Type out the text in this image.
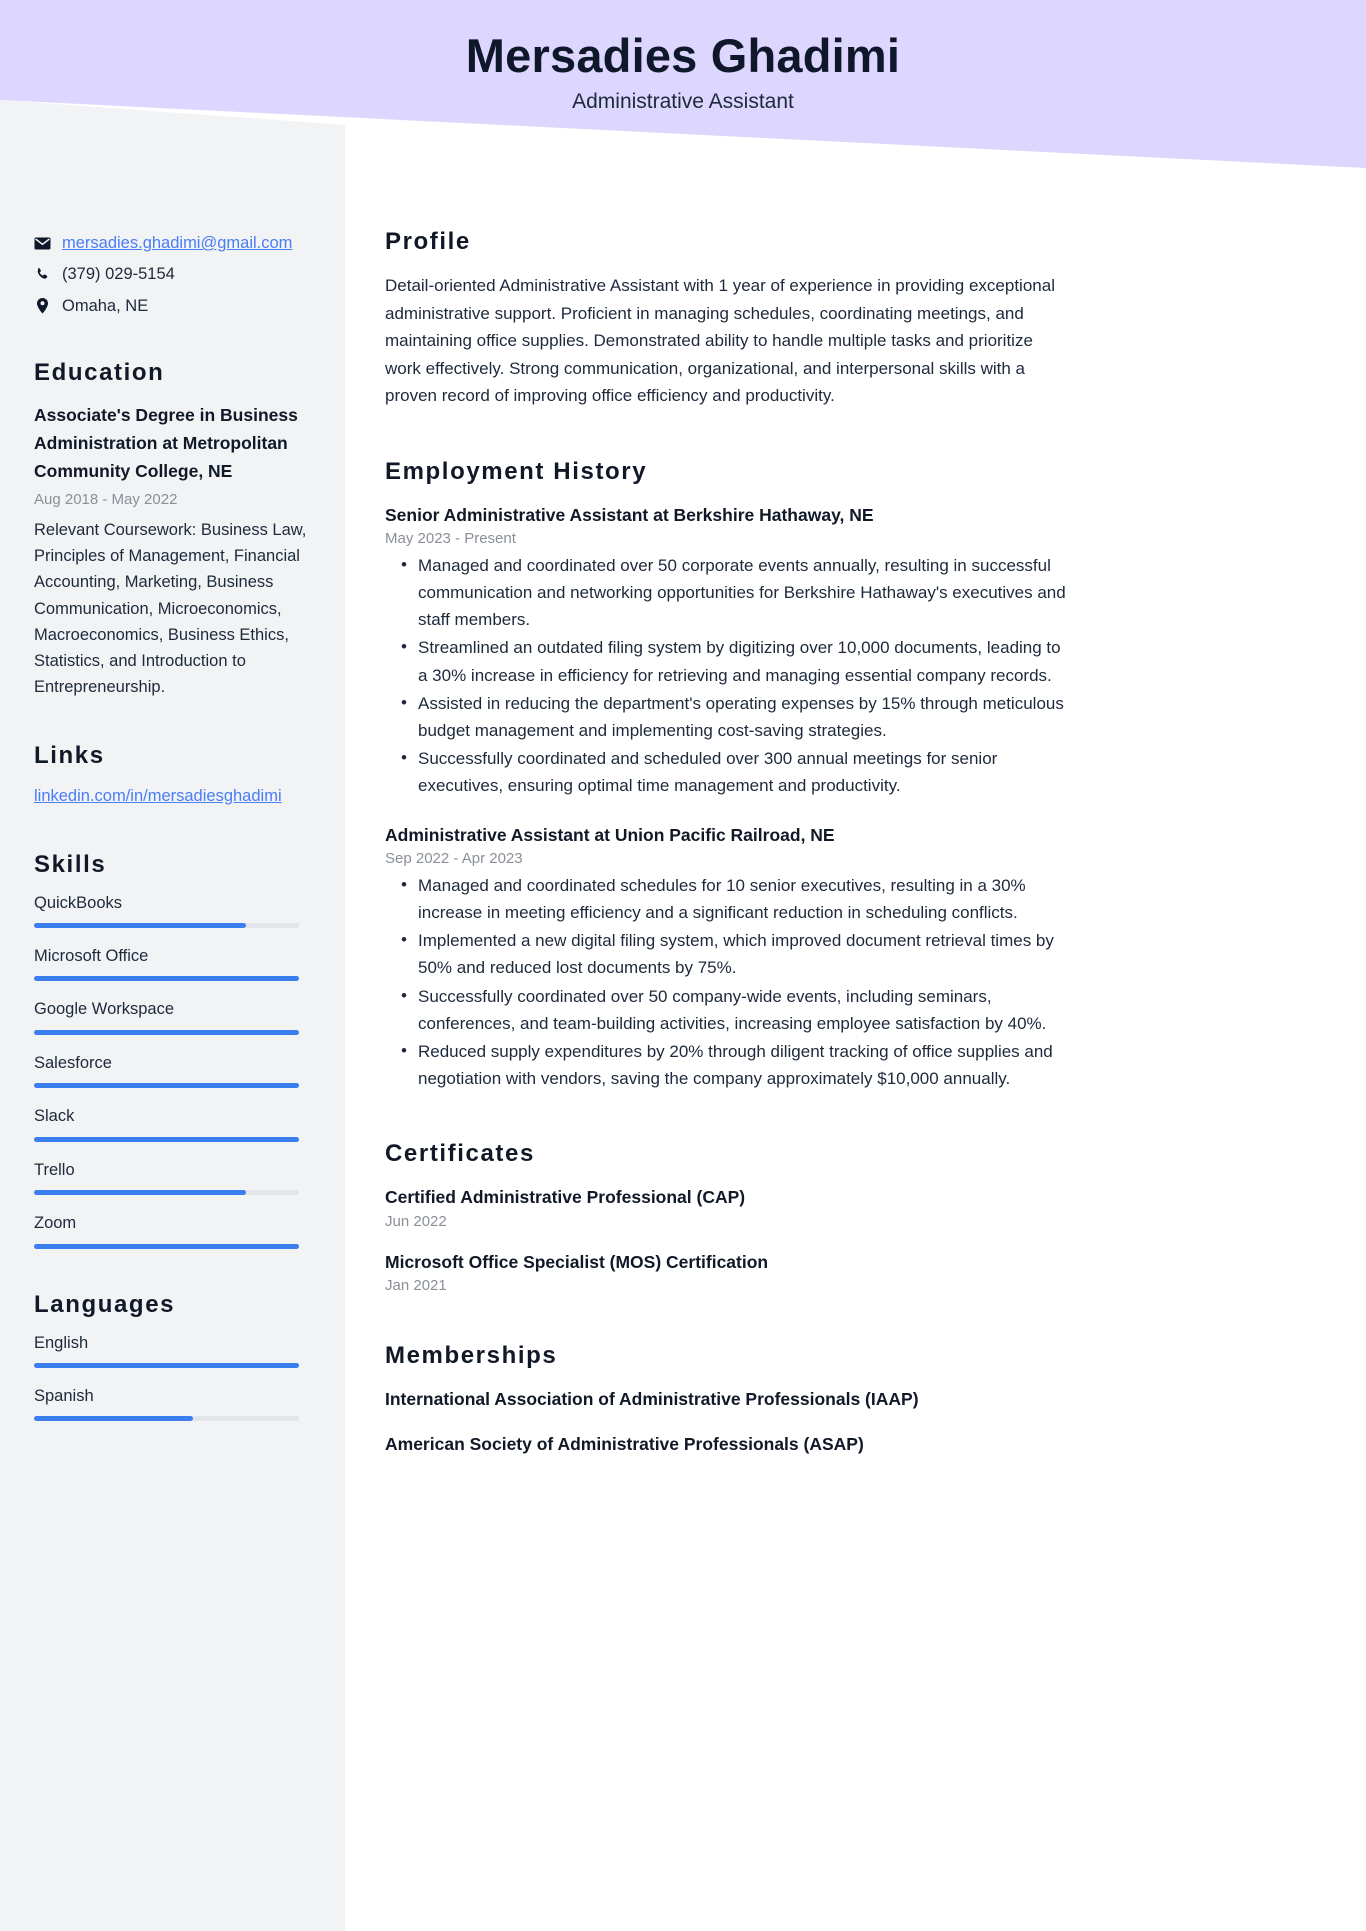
Mersadies Ghadimi
Administrative Assistant
mersadies.ghadimi@gmail.com
(379) 029-5154
Omaha, NE
Education
Associate's Degree in Business Administration at Metropolitan Community College, NE
Aug 2018 - May 2022
Relevant Coursework: Business Law, Principles of Management, Financial Accounting, Marketing, Business Communication, Microeconomics, Macroeconomics, Business Ethics, Statistics, and Introduction to Entrepreneurship.
Links
linkedin.com/in/mersadiesghadimi
Skills
QuickBooks
Microsoft Office
Google Workspace
Salesforce
Slack
Trello
Zoom
Languages
English
Spanish
Profile

Detail-oriented Administrative Assistant with 1 year of experience in providing exceptional administrative support. Proficient in managing schedules, coordinating meetings, and maintaining office supplies. Demonstrated ability to handle multiple tasks and prioritize work effectively. Strong communication, organizational, and interpersonal skills with a proven record of improving office efficiency and productivity.

Employment History
Senior Administrative Assistant at Berkshire Hathaway, NE
May 2023 - Present
• Managed and coordinated over 50 corporate events annually, resulting in successful communication and networking opportunities for Berkshire Hathaway's executives and staff members.
• Streamlined an outdated filing system by digitizing over 10,000 documents, leading to a 30% increase in efficiency for retrieving and managing essential company records.
• Assisted in reducing the department's operating expenses by 15% through meticulous budget management and implementing cost-saving strategies.
• Successfully coordinated and scheduled over 300 annual meetings for senior executives, ensuring optimal time management and productivity.
Administrative Assistant at Union Pacific Railroad, NE
Sep 2022 - Apr 2023
• Managed and coordinated schedules for 10 senior executives, resulting in a 30% increase in meeting efficiency and a significant reduction in scheduling conflicts.
• Implemented a new digital filing system, which improved document retrieval times by 50% and reduced lost documents by 75%.
• Successfully coordinated over 50 company-wide events, including seminars, conferences, and team-building activities, increasing employee satisfaction by 40%.
• Reduced supply expenditures by 20% through diligent tracking of office supplies and negotiation with vendors, saving the company approximately $10,000 annually.
Certificates
Certified Administrative Professional (CAP)
Jun 2022
Microsoft Office Specialist (MOS) Certification
Jan 2021
Memberships
International Association of Administrative Professionals (IAAP)
American Society of Administrative Professionals (ASAP)
